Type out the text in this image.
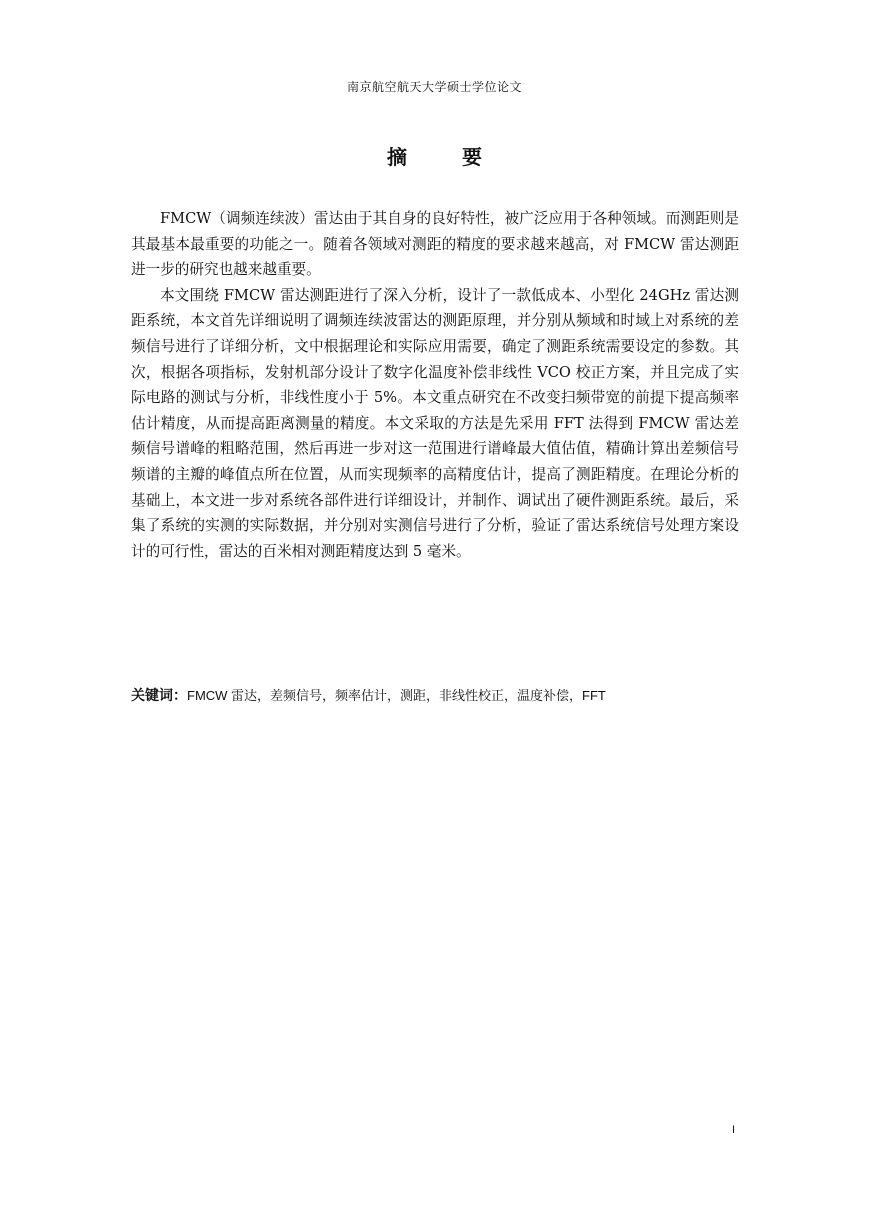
南京航空航天大学硕士学位论文
摘 要

FMCW（调频连续波）雷达由于其自身的良好特性，被广泛应用于各种领域。而测距则是其最基本最重要的功能之一。随着各领域对测距的精度的要求越来越高，对 FMCW 雷达测距进一步的研究也越来越重要。

本文围绕 FMCW 雷达测距进行了深入分析，设计了一款低成本、小型化 24GHz 雷达测距系统，本文首先详细说明了调频连续波雷达的测距原理，并分别从频域和时域上对系统的差频信号进行了详细分析，文中根据理论和实际应用需要，确定了测距系统需要设定的参数。其次，根据各项指标，发射机部分设计了数字化温度补偿非线性 VCO 校正方案，并且完成了实际电路的测试与分析，非线性度小于 5%。本文重点研究在不改变扫频带宽的前提下提高频率估计精度，从而提高距离测量的精度。本文采取的方法是先采用 FFT 法得到 FMCW 雷达差频信号谱峰的粗略范围，然后再进一步对这一范围进行谱峰最大值估值，精确计算出差频信号频谱的主瓣的峰值点所在位置，从而实现频率的高精度估计，提高了测距精度。在理论分析的基础上，本文进一步对系统各部件进行详细设计，并制作、调试出了硬件测距系统。最后，采集了系统的实测的实际数据，并分别对实测信号进行了分析，验证了雷达系统信号处理方案设计的可行性，雷达的百米相对测距精度达到 5 毫米。

关键词：FMCW 雷达，差频信号，频率估计，测距，非线性校正，温度补偿，FFT
I
